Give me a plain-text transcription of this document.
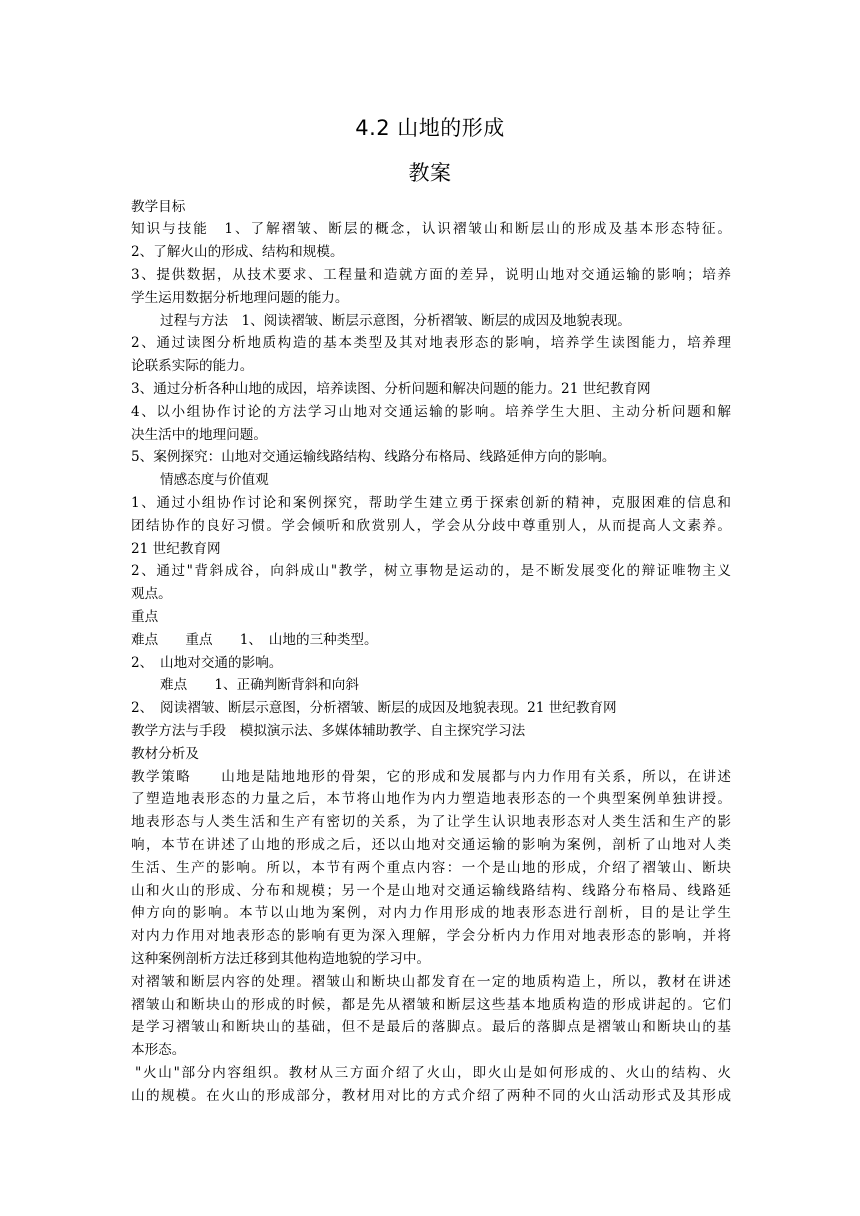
4.2 山地的形成
教案
教学目标
知识与技能　1、了解褶皱、断层的概念，认识褶皱山和断层山的形成及基本形态特征。
2、了解火山的形成、结构和规模。
3、提供数据，从技术要求、工程量和造就方面的差异，说明山地对交通运输的影响；培养
学生运用数据分析地理问题的能力。
过程与方法　1、阅读褶皱、断层示意图，分析褶皱、断层的成因及地貌表现。
2、通过读图分析地质构造的基本类型及其对地表形态的影响，培养学生读图能力，培养理
论联系实际的能力。
3、通过分析各种山地的成因，培养读图、分析问题和解决问题的能力。21 世纪教育网
4、以小组协作讨论的方法学习山地对交通运输的影响。培养学生大胆、主动分析问题和解
决生活中的地理问题。
5、案例探究：山地对交通运输线路结构、线路分布格局、线路延伸方向的影响。
情感态度与价值观
1、通过小组协作讨论和案例探究，帮助学生建立勇于探索创新的精神，克服困难的信息和
团结协作的良好习惯。学会倾听和欣赏别人，学会从分歧中尊重别人，从而提高人文素养。
21 世纪教育网
2、通过"背斜成谷，向斜成山"教学，树立事物是运动的，是不断发展变化的辩证唯物主义
观点。
重点
难点　　重点　　1、　山地的三种类型。
2、　山地对交通的影响。
难点　　1、正确判断背斜和向斜
2、　阅读褶皱、断层示意图，分析褶皱、断层的成因及地貌表现。21 世纪教育网
教学方法与手段　模拟演示法、多媒体辅助教学、自主探究学习法
教材分析及
教学策略　　山地是陆地地形的骨架，它的形成和发展都与内力作用有关系，所以，在讲述
了塑造地表形态的力量之后，本节将山地作为内力塑造地表形态的一个典型案例单独讲授。
地表形态与人类生活和生产有密切的关系，为了让学生认识地表形态对人类生活和生产的影
响，本节在讲述了山地的形成之后，还以山地对交通运输的影响为案例，剖析了山地对人类
生活、生产的影响。所以，本节有两个重点内容：一个是山地的形成，介绍了褶皱山、断块
山和火山的形成、分布和规模；另一个是山地对交通运输线路结构、线路分布格局、线路延
伸方向的影响。本节以山地为案例，对内力作用形成的地表形态进行剖析，目的是让学生
对内力作用对地表形态的影响有更为深入理解，学会分析内力作用对地表形态的影响，并将
这种案例剖析方法迁移到其他构造地貌的学习中。
对褶皱和断层内容的处理。褶皱山和断块山都发育在一定的地质构造上，所以，教材在讲述
褶皱山和断块山的形成的时候，都是先从褶皱和断层这些基本地质构造的形成讲起的。它们
是学习褶皱山和断块山的基础，但不是最后的落脚点。最后的落脚点是褶皱山和断块山的基
本形态。
"火山"部分内容组织。教材从三方面介绍了火山，即火山是如何形成的、火山的结构、火
山的规模。在火山的形成部分，教材用对比的方式介绍了两种不同的火山活动形式及其形成
